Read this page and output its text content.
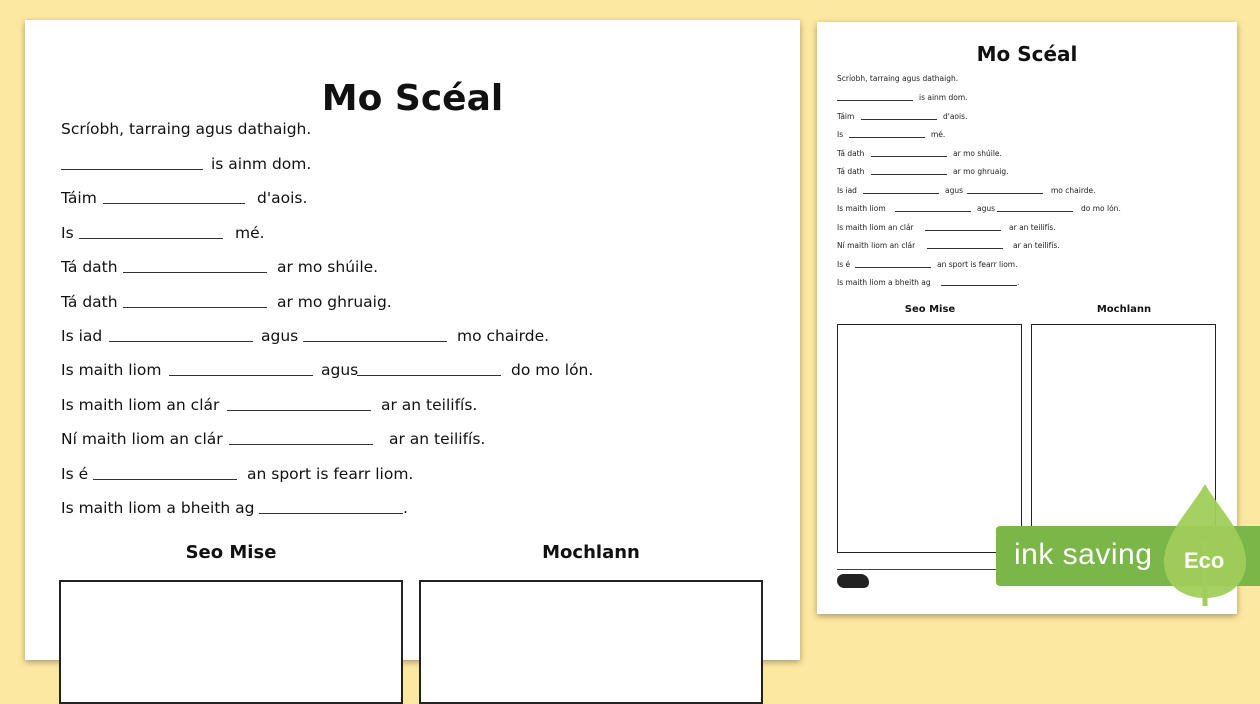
Mo Scéal
Scríobh, tarraing agus dathaigh.
is ainm dom.
Táim	d'aois.
Is	mé.
Tá dath	ar mo shúile.
Tá dath	ar mo ghruaig.
Is iad	agus	mo chairde.
Is maith liom	agus	do mo lón.
Is maith liom an clár	ar an teilifís.
Ní maith liom an clár	ar an teilifís.
Is é	an sport is fearr liom.
Is maith liom a bheith ag	.
Seo Mise	Mochlann
Mo Scéal
Scríobh, tarraing agus dathaigh.
is ainm dom.
Táim	d'aois.
Is	mé.
Tá dath	ar mo shúile.
Tá dath	ar mo ghruaig.
Is iad	agus	mo chairde.
Is maith liom	agus	do mo lón.
Is maith liom an clár	ar an teilifís.
Ní maith liom an clár	ar an teilifís.
Is é	an sport is fearr liom.
Is maith liom a bheith ag	.
Seo Mise	Mochlann
ink saving Eco
